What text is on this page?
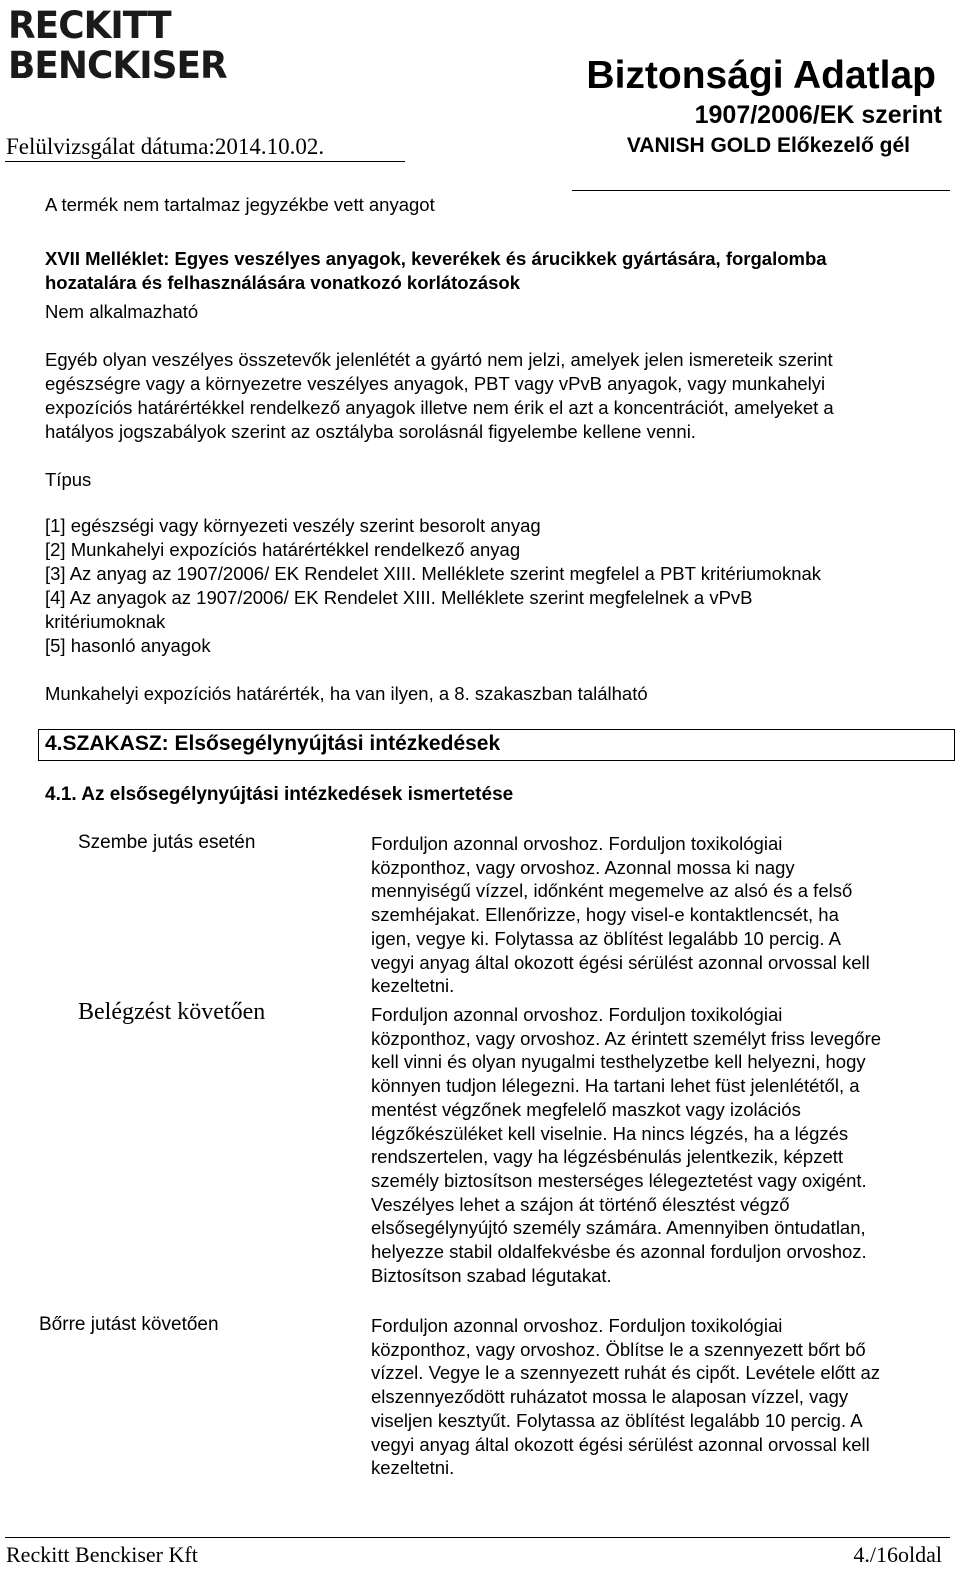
RECKITT
BENCKISER	Biztonsági Adatlap
1907/2006/EK szerint
VANISH GOLD Előkezelő gél
Felülvizsgálat dátuma:2014.10.02.
A termék nem tartalmaz jegyzékbe vett anyagot
XVII Melléklet: Egyes veszélyes anyagok, keverékek és árucikkek gyártására, forgalomba
hozatalára és felhasználására vonatkozó korlátozások
Nem alkalmazható
Egyéb olyan veszélyes összetevők jelenlétét a gyártó nem jelzi, amelyek jelen ismereteik szerint
egészségre vagy a környezetre veszélyes anyagok, PBT vagy vPvB anyagok, vagy munkahelyi
expozíciós határértékkel rendelkező anyagok illetve nem érik el azt a koncentrációt, amelyeket a
hatályos jogszabályok szerint az osztályba sorolásnál figyelembe kellene venni.
Típus
[1] egészségi vagy környezeti veszély szerint besorolt anyag
[2] Munkahelyi expozíciós határértékkel rendelkező anyag
[3] Az anyag az 1907/2006/ EK Rendelet XIII. Melléklete szerint megfelel a PBT kritériumoknak
[4] Az anyagok az 1907/2006/ EK Rendelet XIII. Melléklete szerint megfelelnek a vPvB
kritériumoknak
[5] hasonló anyagok
Munkahelyi expozíciós határérték, ha van ilyen, a 8. szakaszban található
4.SZAKASZ: Elsősegélynyújtási intézkedések
4.1. Az elsősegélynyújtási intézkedések ismertetése
Szembe jutás esetén	Forduljon azonnal orvoshoz. Forduljon toxikológiai
központhoz, vagy orvoshoz. Azonnal mossa ki nagy
mennyiségű vízzel, időnként megemelve az alsó és a felső
szemhéjakat. Ellenőrizze, hogy visel-e kontaktlencsét, ha
igen, vegye ki. Folytassa az öblítést legalább 10 percig. A
vegyi anyag által okozott égési sérülést azonnal orvossal kell
kezeltetni.
Belégzést követően	Forduljon azonnal orvoshoz. Forduljon toxikológiai
központhoz, vagy orvoshoz. Az érintett személyt friss levegőre
kell vinni és olyan nyugalmi testhelyzetbe kell helyezni, hogy
könnyen tudjon lélegezni. Ha tartani lehet füst jelenlététől, a
mentést végzőnek megfelelő maszkot vagy izolációs
légzőkészüléket kell viselnie. Ha nincs légzés, ha a légzés
rendszertelen, vagy ha légzésbénulás jelentkezik, képzett
személy biztosítson mesterséges lélegeztetést vagy oxigént.
Veszélyes lehet a szájon át történő élesztést végző
elsősegélynyújtó személy számára. Amennyiben öntudatlan,
helyezze stabil oldalfekvésbe és azonnal forduljon orvoshoz.
Biztosítson szabad légutakat.
Bőrre jutást követően	Forduljon azonnal orvoshoz. Forduljon toxikológiai
központhoz, vagy orvoshoz. Öblítse le a szennyezett bőrt bő
vízzel. Vegye le a szennyezett ruhát és cipőt. Levétele előtt az
elszennyeződött ruházatot mossa le alaposan vízzel, vagy
viseljen kesztyűt. Folytassa az öblítést legalább 10 percig. A
vegyi anyag által okozott égési sérülést azonnal orvossal kell
kezeltetni.
Reckitt Benckiser Kft	4./16oldal
